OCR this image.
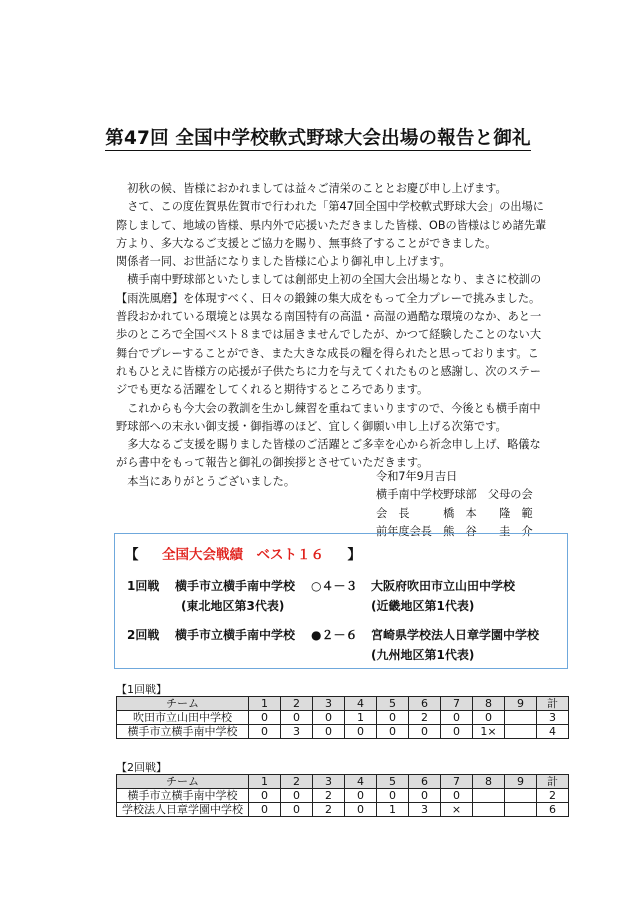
第47回 全国中学校軟式野球大会出場の報告と御礼

　初秋の候、皆様におかれましては益々ご清栄のこととお慶び申し上げます。

　さて、この度佐賀県佐賀市で行われた「第47回全国中学校軟式野球大会」の出場に

際しまして、地域の皆様、県内外で応援いただきました皆様、OBの皆様はじめ諸先輩

方より、多大なるご支援とご協力を賜り、無事終了することができました。

関係者一同、お世話になりました皆様に心より御礼申し上げます。

　横手南中野球部といたしましては創部史上初の全国大会出場となり、まさに校訓の

【雨洗風磨】を体現すべく、日々の鍛錬の集大成をもって全力プレーで挑みました。

普段おかれている環境とは異なる南国特有の高温・高湿の過酷な環境のなか、あと一

歩のところで全国ベスト８までは届きませんでしたが、かつて経験したことのない大

舞台でプレーすることができ、また大きな成長の糧を得られたと思っております。こ

れもひとえに皆様方の応援が子供たちに力を与えてくれたものと感謝し、次のステー

ジでも更なる活躍をしてくれると期待するところであります。

　これからも今大会の教訓を生かし練習を重ねてまいりますので、今後とも横手南中

野球部への末永い御支援・御指導のほど、宜しく御願い申し上げる次第です。

　多大なるご支援を賜りました皆様のご活躍とご多幸を心から祈念申し上げ、略儀な

がら書中をもって報告と御礼の御挨拶とさせていただきます。

　本当にありがとうございました。	令和7年9月吉日
横手南中学校野球部　父母の会
会　長　　　橋　本　　隆　範
前年度会長　熊　谷　　圭　介
【 全国大会戦績　ベスト１６ 】
1回戦 横手市立横手南中学校 ○４－３ 大阪府吹田市立山田中学校
(東北地区第3代表)	(近畿地区第1代表)
2回戦 横手市立横手南中学校 ●２－６ 宮崎県学校法人日章学園中学校
(九州地区第1代表)
【1回戦】
チーム	1	2	3	4	5	6	7	8	9	計
吹田市立山田中学校	0	0	0	1	0	2	0	0		3
横手市立横手南中学校	0	3	0	0	0	0	0	1×		4
【2回戦】
チーム	1	2	3	4	5	6	7	8	9	計
横手市立横手南中学校	0	0	2	0	0	0	0			2
学校法人日章学園中学校	0	0	2	0	1	3	×			6
